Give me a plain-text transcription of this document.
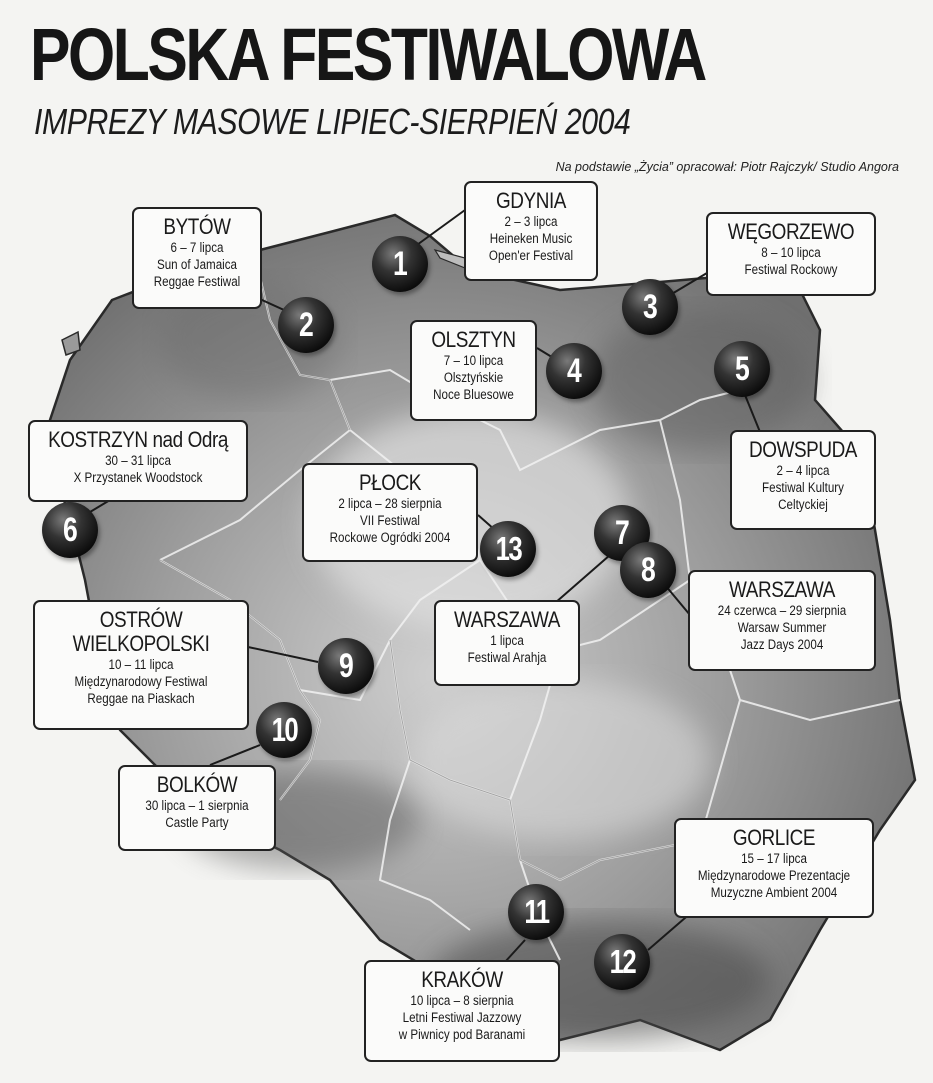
POLSKA FESTIWALOWA
IMPREZY MASOWE LIPIEC-SIERPIEŃ 2004
Na podstawie „Życia” opracował: Piotr Rajczyk/ Studio Angora
GDYNIA
2 – 3 lipca
Heineken Music
Open'er Festival
1
BYTÓW
6 – 7 lipca
Sun of Jamaica
Reggae Festiwal
2
WĘGORZEWO
8 – 10 lipca
Festiwal Rockowy
3
OLSZTYN
7 – 10 lipca
Olsztyńskie
Noce Bluesowe
4
DOWSPUDA
2 – 4 lipca
Festiwal Kultury
Celtyckiej
5
KOSTRZYN nad Odrą
30 – 31 lipca
X Przystanek Woodstock
6
PŁOCK
2 lipca – 28 sierpnia
VII Festiwal
Rockowe Ogródki 2004	13
WARSZAWA
1 lipca
Festiwal Arahja
7
WARSZAWA
24 czerwca – 29 sierpnia
Warsaw Summer
Jazz Days 2004
8
OSTRÓW
WIELKOPOLSKI
10 – 11 lipca
Międzynarodowy Festiwal
Reggae na Piaskach
9
BOLKÓW
30 lipca – 1 sierpnia
Castle Party
10
GORLICE
15 – 17 lipca
Międzynarodowe Prezentacje
Muzyczne Ambient 2004
12
KRAKÓW
10 lipca – 8 sierpnia
Letni Festiwal Jazzowy
w Piwnicy pod Baranami
11
